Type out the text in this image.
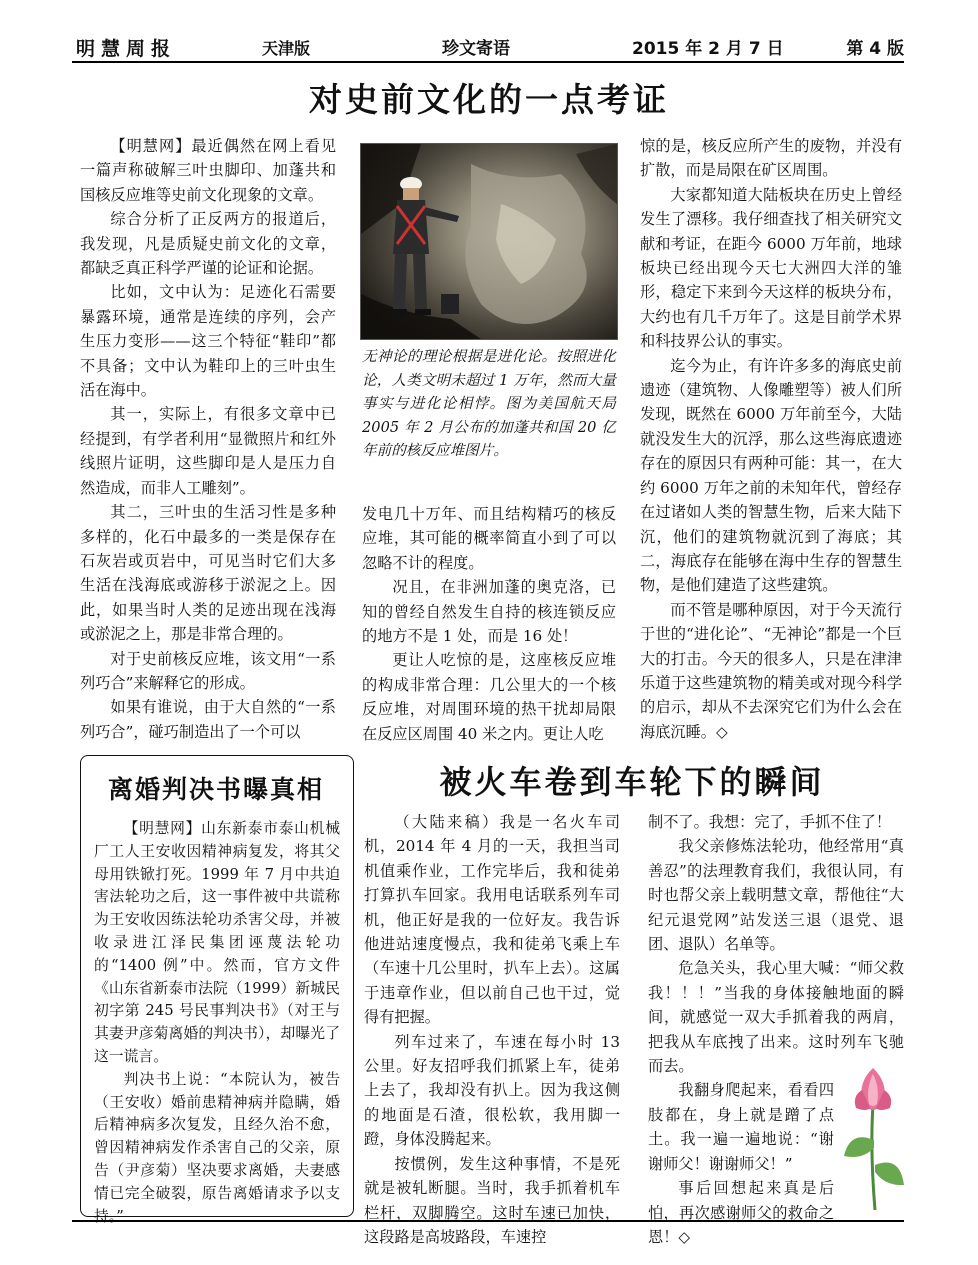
明慧周报	天津版	珍文寄语	2015 年 2 月 7 日	第 4 版
对史前文化的一点考证

【明慧网】最近偶然在网上看见一篇声称破解三叶虫脚印、加蓬共和国核反应堆等史前文化现象的文章。

综合分析了正反两方的报道后，我发现，凡是质疑史前文化的文章，都缺乏真正科学严谨的论证和论据。

比如，文中认为：足迹化石需要暴露环境，通常是连续的序列，会产生压力变形——这三个特征“鞋印”都不具备；文中认为鞋印上的三叶虫生活在海中。

其一，实际上，有很多文章中已经提到，有学者利用“显微照片和红外线照片证明，这些脚印是人是压力自然造成，而非人工雕刻”。

其二，三叶虫的生活习性是多种多样的，化石中最多的一类是保存在石灰岩或页岩中，可见当时它们大多生活在浅海底或游移于淤泥之上。因此，如果当时人类的足迹出现在浅海或淤泥之上，那是非常合理的。

对于史前核反应堆，该文用“一系列巧合”来解释它的形成。

如果有谁说，由于大自然的“一系列巧合”，碰巧制造出了一个可以

无神论的理论根据是进化论。按照进化论，人类文明未超过 1 万年，然而大量事实与进化论相悖。图为美国航天局 2005 年 2 月公布的加蓬共和国 20 亿年前的核反应堆图片。

发电几十万年、而且结构精巧的核反应堆，其可能的概率简直小到了可以忽略不计的程度。

况且，在非洲加蓬的奥克洛，已知的曾经自然发生自持的核连锁反应的地方不是 1 处，而是 16 处！

更让人吃惊的是，这座核反应堆的构成非常合理：几公里大的一个核反应堆，对周围环境的热干扰却局限在反应区周围 40 米之内。更让人吃

惊的是，核反应所产生的废物，并没有扩散，而是局限在矿区周围。

大家都知道大陆板块在历史上曾经发生了漂移。我仔细查找了相关研究文献和考证，在距今 6000 万年前，地球板块已经出现今天七大洲四大洋的雏形，稳定下来到今天这样的板块分布，大约也有几千万年了。这是目前学术界和科技界公认的事实。

迄今为止，有许许多多的海底史前遗迹（建筑物、人像雕塑等）被人们所发现，既然在 6000 万年前至今，大陆就没发生大的沉浮，那么这些海底遗迹存在的原因只有两种可能：其一，在大约 6000 万年之前的未知年代，曾经存在过诸如人类的智慧生物，后来大陆下沉，他们的建筑物就沉到了海底；其二，海底存在能够在海中生存的智慧生物，是他们建造了这些建筑。

而不管是哪种原因，对于今天流行于世的“进化论”、“无神论”都是一个巨大的打击。今天的很多人，只是在津津乐道于这些建筑物的精美或对现今科学的启示，却从不去深究它们为什么会在海底沉睡。◇

离婚判决书曝真相

【明慧网】山东新泰市泰山机械厂工人王安收因精神病复发，将其父母用铁锨打死。1999 年 7 月中共迫害法轮功之后，这一事件被中共谎称为王安收因练法轮功杀害父母，并被收录进江泽民集团诬蔑法轮功的“1400 例”中。然而，官方文件《山东省新泰市法院（1999）新城民初字第 245 号民事判决书》（对王与其妻尹彦菊离婚的判决书），却曝光了这一谎言。

判决书上说：“本院认为，被告（王安收）婚前患精神病并隐瞒，婚后精神病多次复发，且经久治不愈，曾因精神病发作杀害自己的父亲，原告（尹彦菊）坚决要求离婚，夫妻感情已完全破裂，原告离婚请求予以支持。”

被火车卷到车轮下的瞬间

（大陆来稿）我是一名火车司机，2014 年 4 月的一天，我担当司机值乘作业，工作完毕后，我和徒弟打算扒车回家。我用电话联系列车司机，他正好是我的一位好友。我告诉他进站速度慢点，我和徒弟飞乘上车（车速十几公里时，扒车上去）。这属于违章作业，但以前自己也干过，觉得有把握。

列车过来了，车速在每小时 13 公里。好友招呼我们抓紧上车，徒弟上去了，我却没有扒上。因为我这侧的地面是石渣，很松软，我用脚一蹬，身体没腾起来。

按惯例，发生这种事情，不是死就是被轧断腿。当时，我手抓着机车栏杆，双脚腾空。这时车速已加快，这段路是高坡路段，车速控

制不了。我想：完了，手抓不住了！

我父亲修炼法轮功，他经常用“真善忍”的法理教育我们，我很认同，有时也帮父亲上载明慧文章，帮他往“大纪元退党网”站发送三退（退党、退团、退队）名单等。

危急关头，我心里大喊：“师父救我！！！”当我的身体接触地面的瞬间，就感觉一双大手抓着我的两肩，把我从车底拽了出来。这时列车飞驰而去。

我翻身爬起来，看看四肢都在，身上就是蹭了点土。我一遍一遍地说：“谢谢师父！谢谢师父！”

事后回想起来真是后怕，再次感谢师父的救命之恩！◇
